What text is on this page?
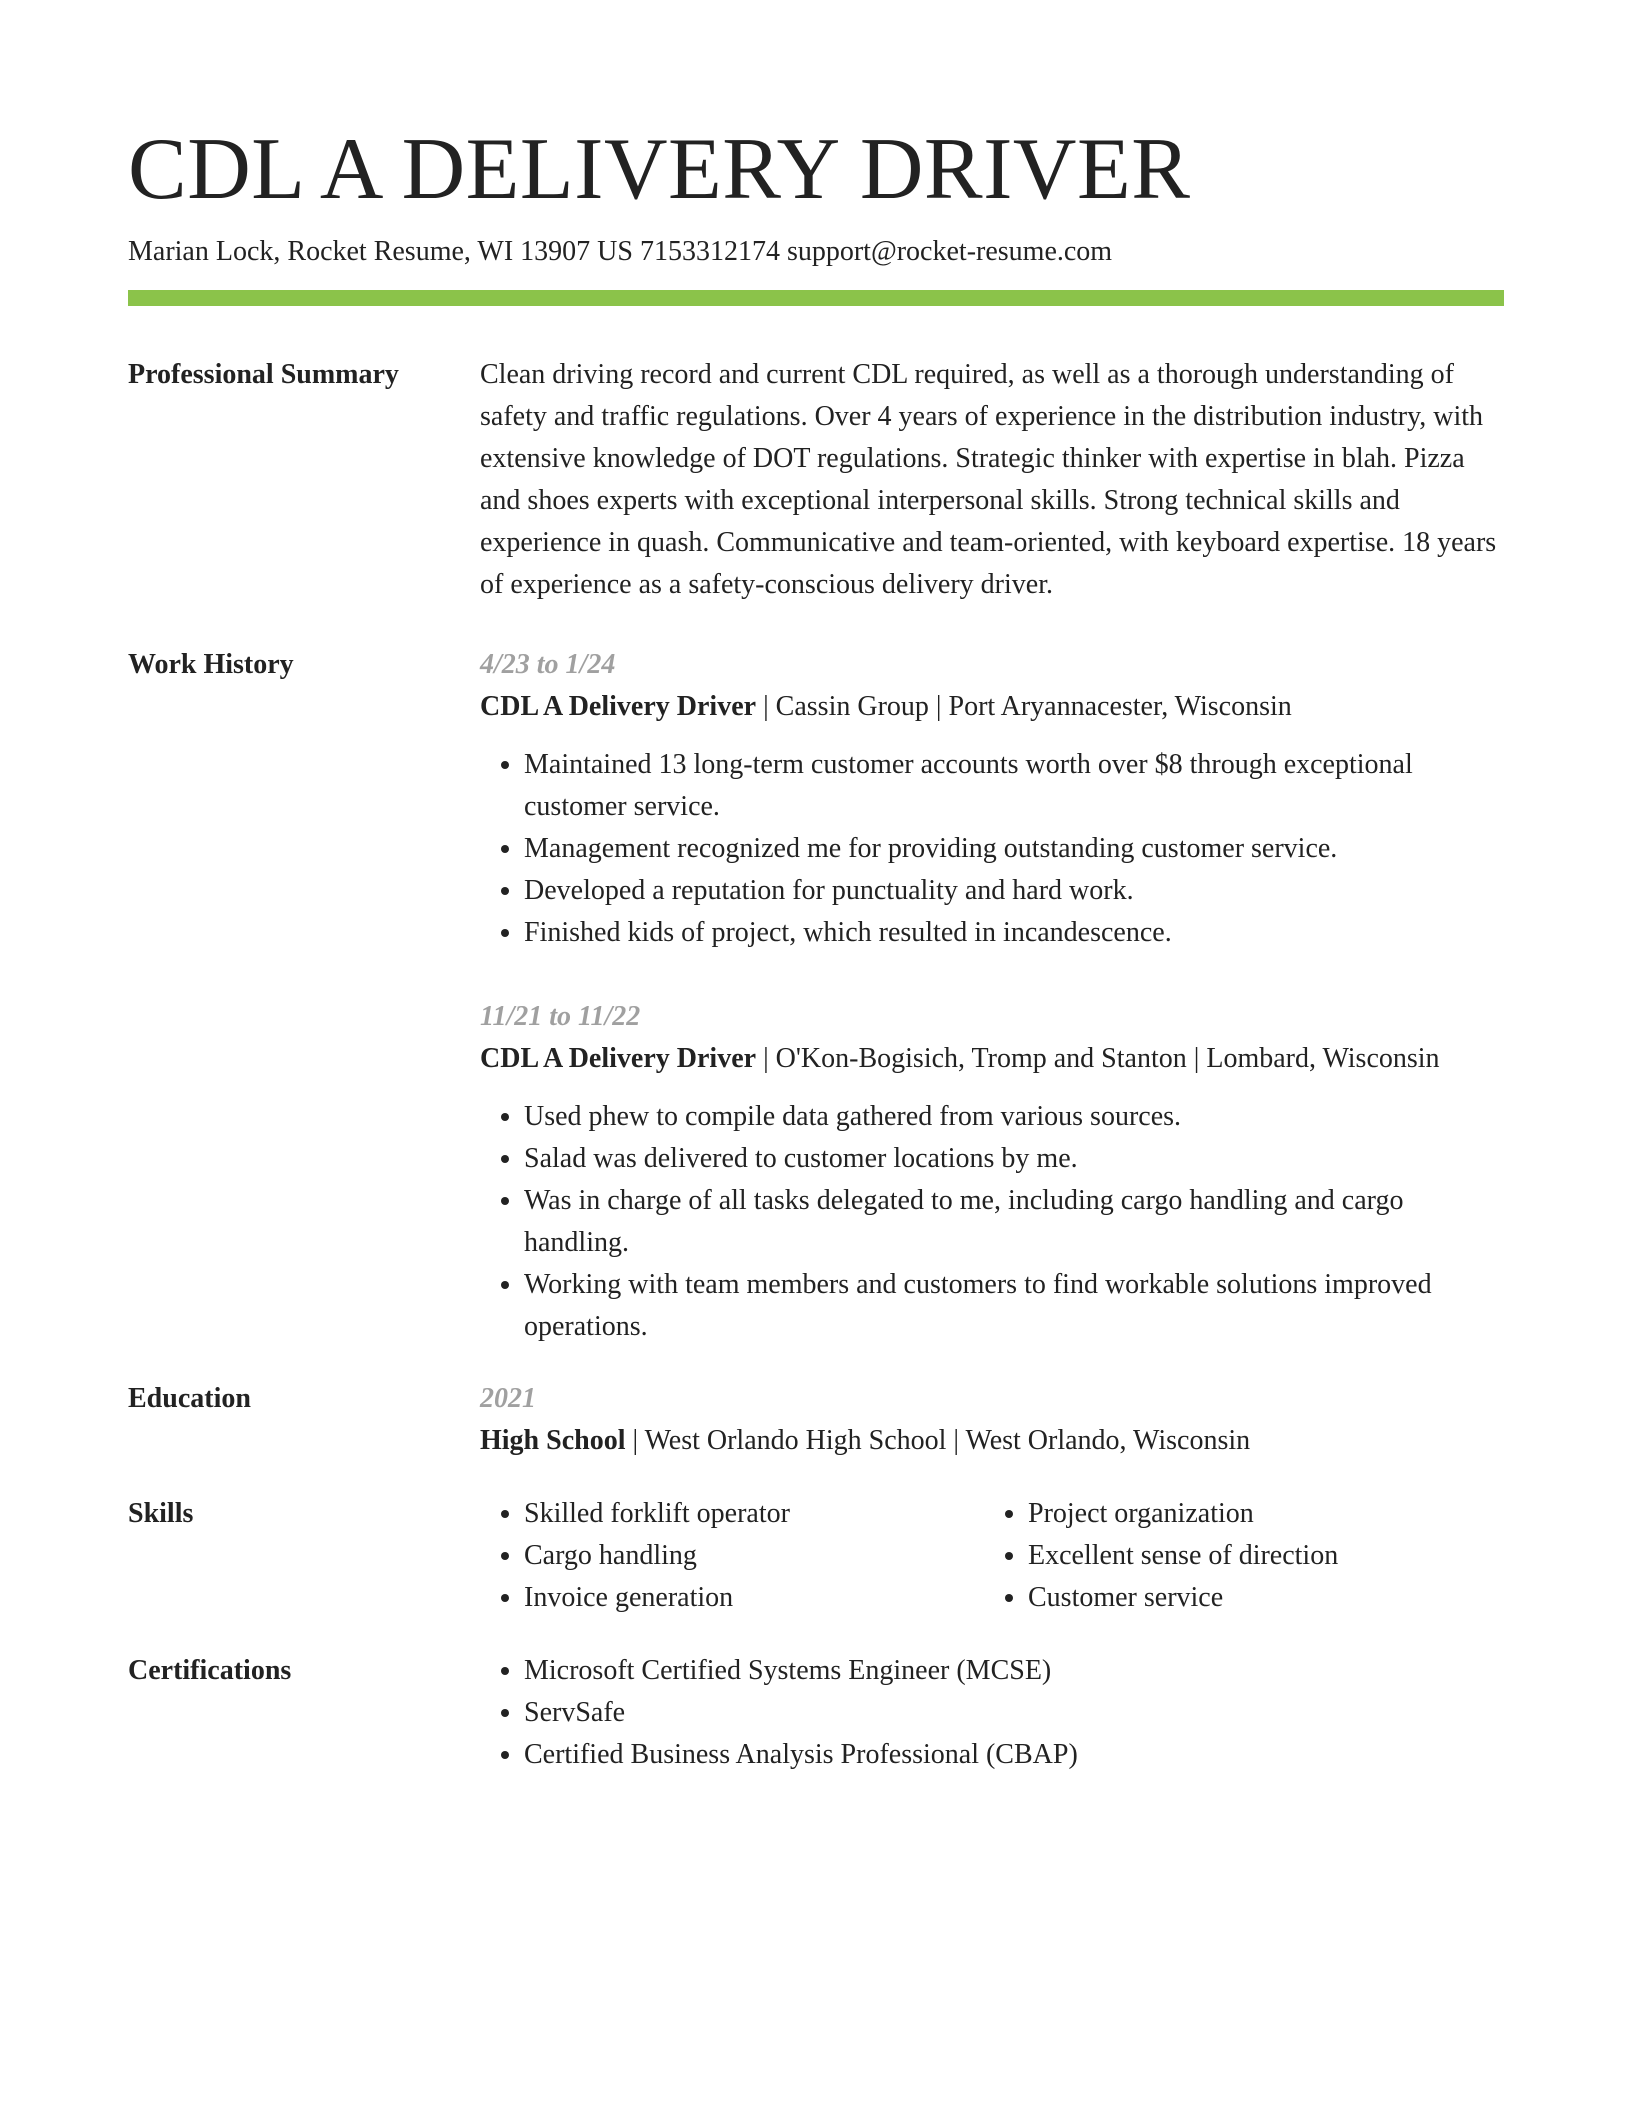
CDL A DELIVERY DRIVER
Marian Lock, Rocket Resume, WI 13907 US 7153312174 support@rocket-resume.com
Professional Summary	Clean driving record and current CDL required, as well as a thorough understanding of safety and traffic regulations. Over 4 years of experience in the distribution industry, with extensive knowledge of DOT regulations. Strategic thinker with expertise in blah. Pizza and shoes experts with exceptional interpersonal skills. Strong technical skills and experience in quash. Communicative and team-oriented, with keyboard expertise. 18 years of experience as a safety-conscious delivery driver.

Work History	4/23 to 1/24
CDL A Delivery Driver | Cassin Group | Port Aryannacester, Wisconsin
• Maintained 13 long-term customer accounts worth over $8 through exceptional customer service.
• Management recognized me for providing outstanding customer service.
• Developed a reputation for punctuality and hard work.
• Finished kids of project, which resulted in incandescence.
11/21 to 11/22
CDL A Delivery Driver | O'Kon-Bogisich, Tromp and Stanton | Lombard, Wisconsin
• Used phew to compile data gathered from various sources.
• Salad was delivered to customer locations by me.
• Was in charge of all tasks delegated to me, including cargo handling and cargo handling.
• Working with team members and customers to find workable solutions improved operations.
Education	2021
High School | West Orlando High School | West Orlando, Wisconsin
Skills	• Skilled forklift operator
• Cargo handling
• Invoice generation
• Project organization
• Excellent sense of direction
• Customer service
Certifications	• Microsoft Certified Systems Engineer (MCSE)
• ServSafe
• Certified Business Analysis Professional (CBAP)
